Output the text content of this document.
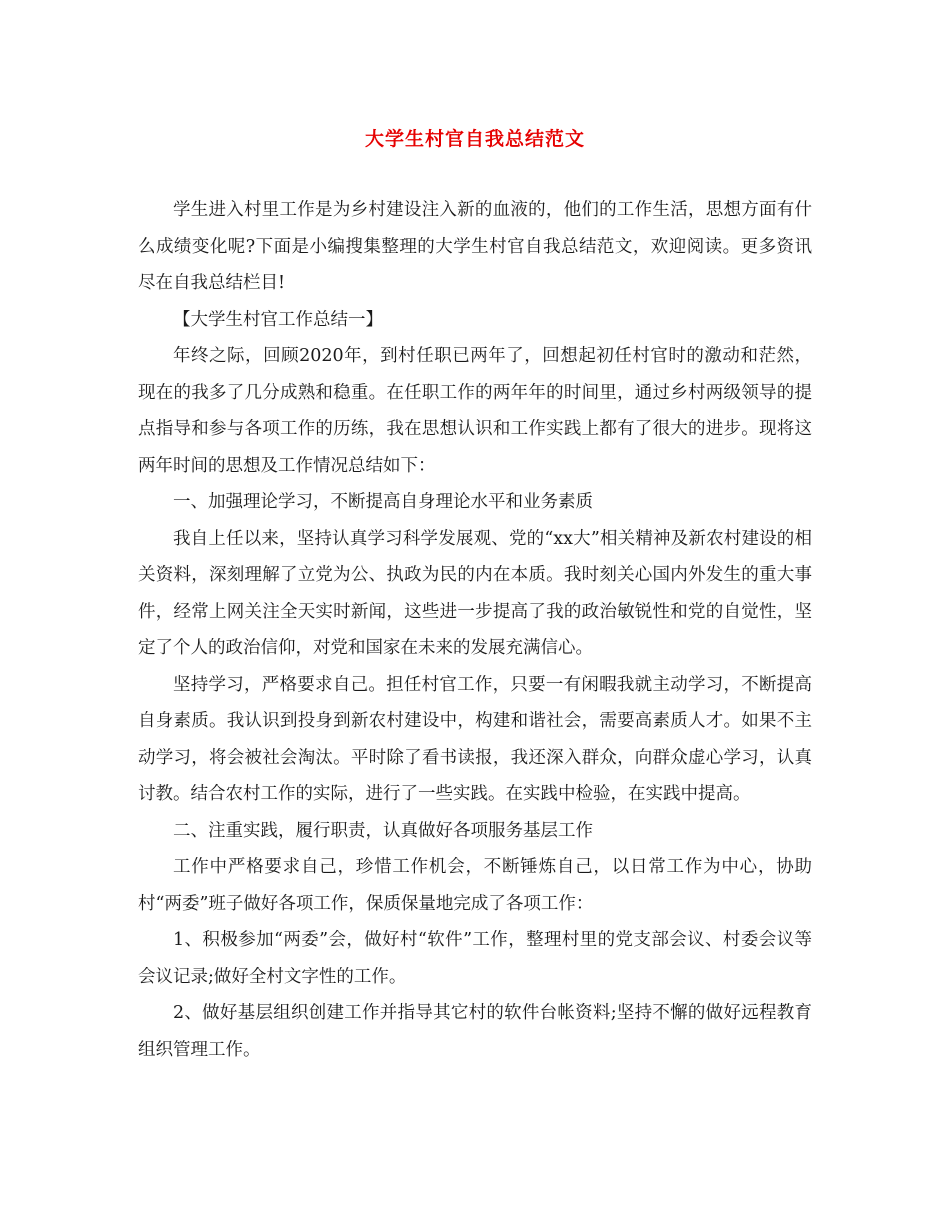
大学生村官自我总结范文

学生进入村里工作是为乡村建设注入新的血液的，他们的工作生活，思想方面有什么成绩变化呢?下面是小编搜集整理的大学生村官自我总结范文，欢迎阅读。更多资讯尽在自我总结栏目!

【大学生村官工作总结一】

年终之际，回顾2020年，到村任职已两年了，回想起初任村官时的激动和茫然，现在的我多了几分成熟和稳重。在任职工作的两年年的时间里，通过乡村两级领导的提点指导和参与各项工作的历练，我在思想认识和工作实践上都有了很大的进步。现将这两年时间的思想及工作情况总结如下：

一、加强理论学习，不断提高自身理论水平和业务素质

我自上任以来，坚持认真学习科学发展观、党的“xx大”相关精神及新农村建设的相关资料，深刻理解了立党为公、执政为民的内在本质。我时刻关心国内外发生的重大事件，经常上网关注全天实时新闻，这些进一步提高了我的政治敏锐性和党的自觉性，坚定了个人的政治信仰，对党和国家在未来的发展充满信心。

坚持学习，严格要求自己。担任村官工作，只要一有闲暇我就主动学习，不断提高自身素质。我认识到投身到新农村建设中，构建和谐社会，需要高素质人才。如果不主动学习，将会被社会淘汰。平时除了看书读报，我还深入群众，向群众虚心学习，认真讨教。结合农村工作的实际，进行了一些实践。在实践中检验，在实践中提高。

二、注重实践，履行职责，认真做好各项服务基层工作

工作中严格要求自己，珍惜工作机会，不断锤炼自己，以日常工作为中心，协助村“两委”班子做好各项工作，保质保量地完成了各项工作：

1、积极参加“两委”会，做好村“软件”工作，整理村里的党支部会议、村委会议等会议记录;做好全村文字性的工作。

2、做好基层组织创建工作并指导其它村的软件台帐资料;坚持不懈的做好远程教育组织管理工作。
